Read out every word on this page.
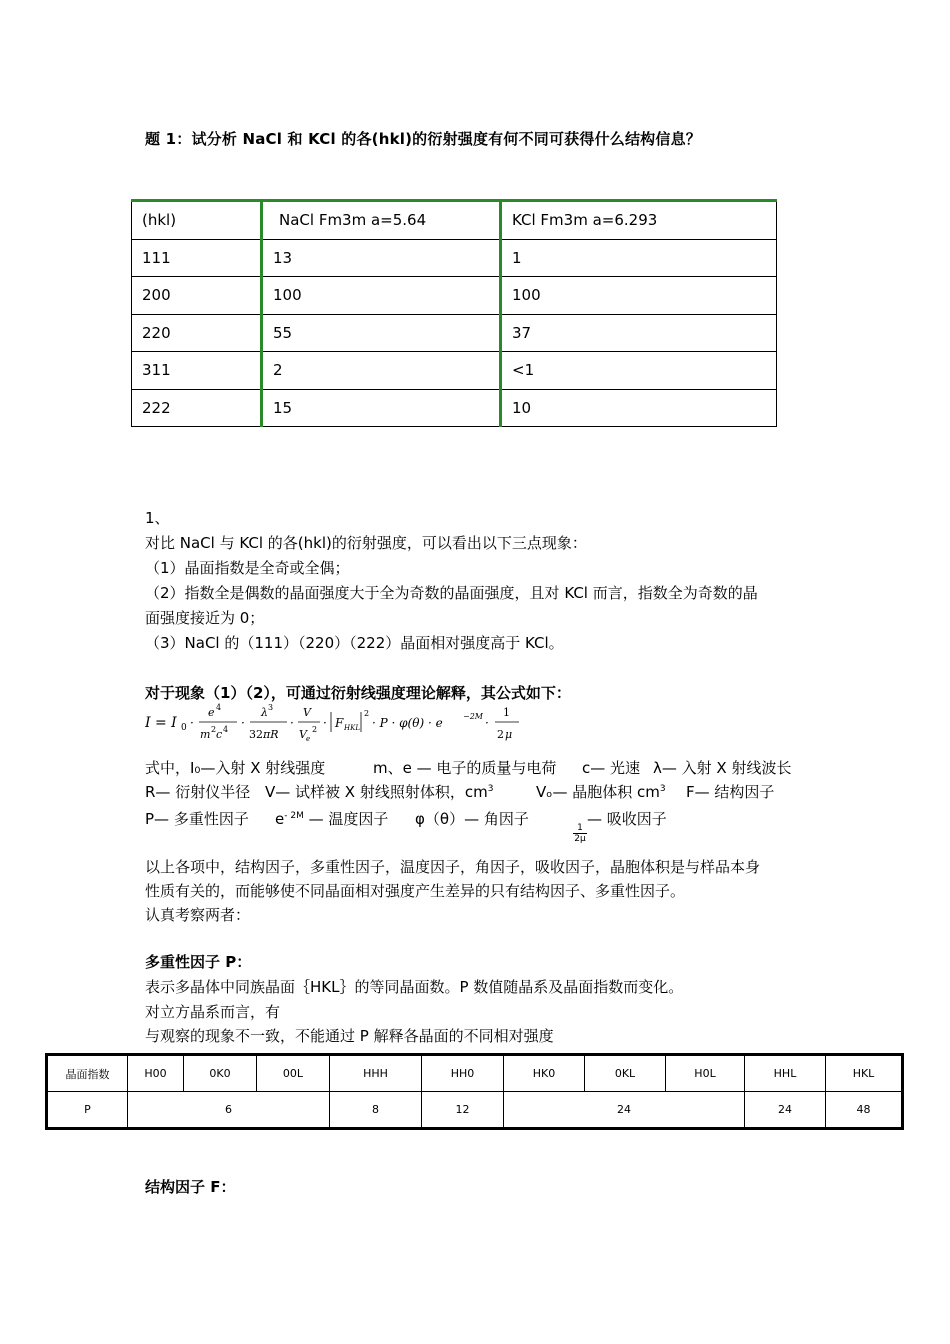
题 1：试分析 NaCl 和 KCl 的各(hkl)的衍射强度有何不同可获得什么结构信息？
(hkl)	NaCl Fm3m a=5.64	KCl Fm3m a=6.293
111	13	1
200	100	100
220	55	37
311	2	<1
222	15	10
1、
对比 NaCl 与 KCl 的各(hkl)的衍射强度，可以看出以下三点现象：
（1）晶面指数是全奇或全偶；
（2）指数全是偶数的晶面强度大于全为奇数的晶面强度，且对 KCl 而言，指数全为奇数的晶
面强度接近为 0；
（3）NaCl 的（111）（220）（222）晶面相对强度高于 KCl。
对于现象（1）（2），可通过衍射线强度理论解释，其公式如下：
I = I 0 ·
e 4
m 2 c 4 ·
λ 3
32 πR
·
V
V e
2 · F HKL
2
· P · φ(θ) · e	−2M ·
1
2 μ
式中，I₀—入射 X 射线强度	m、e — 电子的质量与电荷 c— 光速 λ— 入射 X 射线波长
R— 衍射仪半径 V— 试样被 X 射线照射体积，$cm^3$	Vₒ— 晶胞体积 $cm^3$ F— 结构因子
P— 多重性因子 $e^{- 2M}$ — 温度因子 φ（θ）— 角因子	— 吸收因子
1
2μ
以上各项中，结构因子，多重性因子，温度因子，角因子，吸收因子，晶胞体积是与样品本身
性质有关的，而能够使不同晶面相对强度产生差异的只有结构因子、多重性因子。
认真考察两者：
多重性因子 P：
表示多晶体中同族晶面｛HKL｝的等同晶面数。P 数值随晶系及晶面指数而变化。
对立方晶系而言，有
与观察的现象不一致，不能通过 P 解释各晶面的不同相对强度
晶面指数	H00	0K0	00L	HHH	HH0	HK0	0KL	H0L	HHL	HKL
P	6			8	12	24			24	48
结构因子 F：
